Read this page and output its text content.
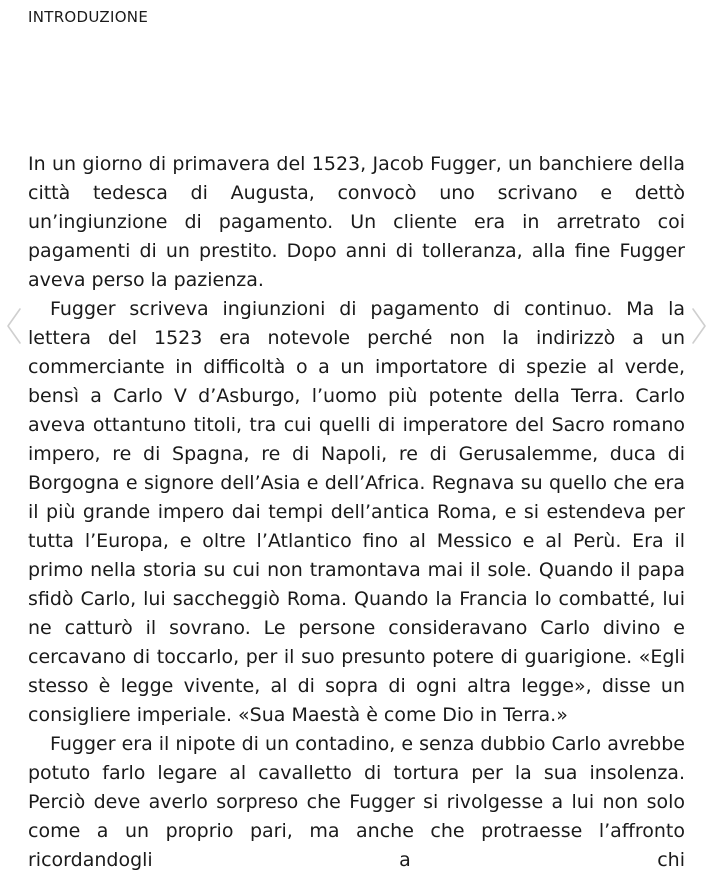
INTRODUZIONE

In un giorno di primavera del 1523, Jacob Fugger, un banchiere della città tedesca di Augusta, convocò uno scrivano e dettò un’ingiunzione di pagamento. Un cliente era in arretrato coi pagamenti di un prestito. Dopo anni di tolleranza, alla fine Fugger aveva perso la pazienza.

Fugger scriveva ingiunzioni di pagamento di continuo. Ma la lettera del 1523 era notevole perché non la indirizzò a un commerciante in difficoltà o a un importatore di spezie al verde, bensì a Carlo V d’Asburgo, l’uomo più potente della Terra. Carlo aveva ottantuno titoli, tra cui quelli di imperatore del Sacro romano impero, re di Spagna, re di Napoli, re di Gerusalemme, duca di Borgogna e signore dell’Asia e dell’Africa. Regnava su quello che era il più grande impero dai tempi dell’antica Roma, e si estendeva per tutta l’Europa, e oltre l’Atlantico fino al Messico e al Perù. Era il primo nella storia su cui non tramontava mai il sole. Quando il papa sfidò Carlo, lui saccheggiò Roma. Quando la Francia lo combatté, lui ne catturò il sovrano. Le persone consideravano Carlo divino e cercavano di toccarlo, per il suo presunto potere di guarigione. «Egli stesso è legge vivente, al di sopra di ogni altra legge», disse un consigliere imperiale. «Sua Maestà è come Dio in Terra.»

Fugger era il nipote di un contadino, e senza dubbio Carlo avrebbe potuto farlo legare al cavalletto di tortura per la sua insolenza. Perciò deve averlo sorpreso che Fugger si rivolgesse a lui non solo come a un proprio pari, ma anche che protraesse l’affronto ricordandogli a chi
